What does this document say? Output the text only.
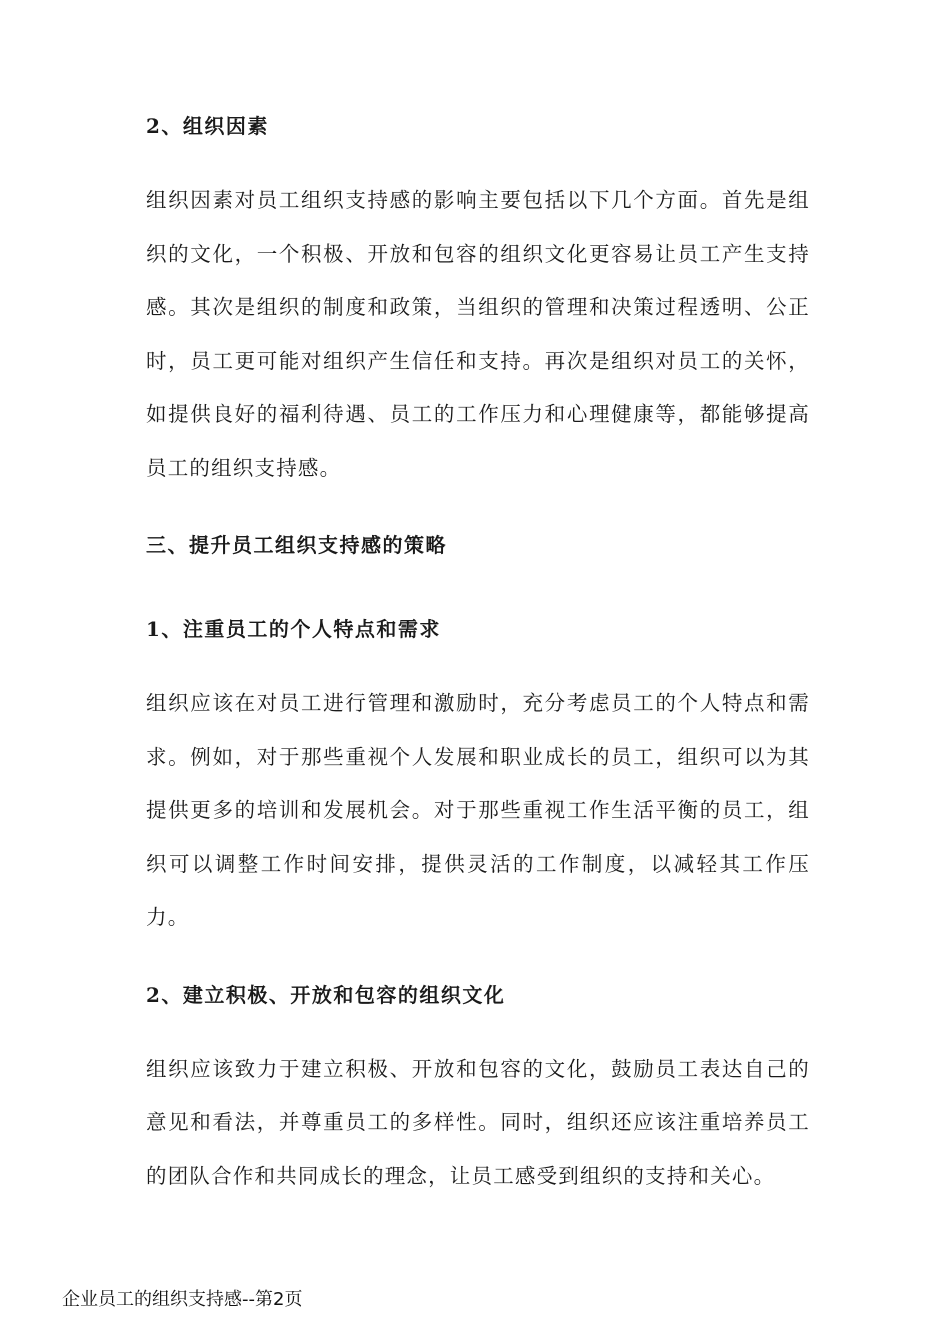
2、组织因素

组织因素对员工组织支持感的影响主要包括以下几个方面。首先是组织的文化，一个积极、开放和包容的组织文化更容易让员工产生支持感。其次是组织的制度和政策，当组织的管理和决策过程透明、公正时，员工更可能对组织产生信任和支持。再次是组织对员工的关怀，如提供良好的福利待遇、员工的工作压力和心理健康等，都能够提高员工的组织支持感。

三、提升员工组织支持感的策略
1、注重员工的个人特点和需求

组织应该在对员工进行管理和激励时，充分考虑员工的个人特点和需求。例如，对于那些重视个人发展和职业成长的员工，组织可以为其提供更多的培训和发展机会。对于那些重视工作生活平衡的员工，组织可以调整工作时间安排，提供灵活的工作制度，以减轻其工作压力。

2、建立积极、开放和包容的组织文化

组织应该致力于建立积极、开放和包容的文化，鼓励员工表达自己的意见和看法，并尊重员工的多样性。同时，组织还应该注重培养员工的团队合作和共同成长的理念，让员工感受到组织的支持和关心。

企业员工的组织支持感--第2页
